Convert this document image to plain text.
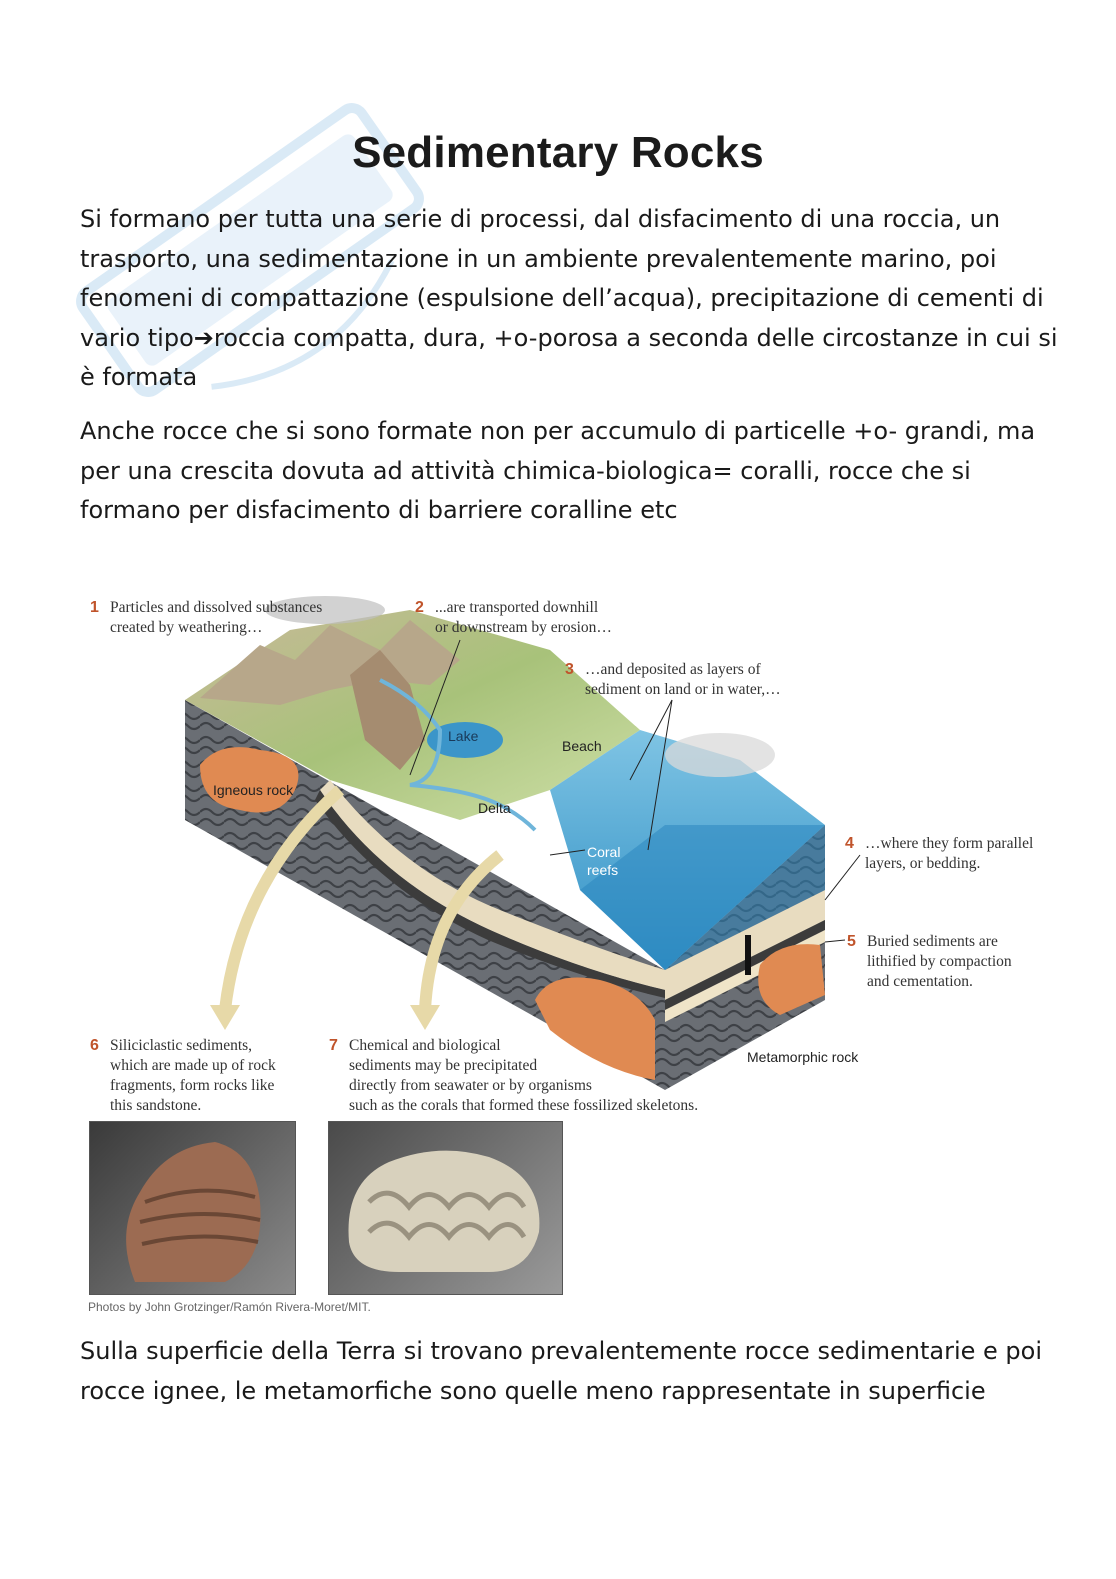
Sedimentary Rocks

Si formano per tutta una serie di processi, dal disfacimento di una roccia, un trasporto, una sedimentazione in un ambiente prevalentemente marino, poi fenomeni di compattazione (espulsione dell’acqua), precipitazione di cementi di vario tipo➔roccia compatta, dura, +o-porosa a seconda delle circostanze in cui si è formata

Anche rocce che si sono formate non per accumulo di particelle +o- grandi, ma per una crescita dovuta ad attività chimica-biologica= coralli, rocce che si formano per disfacimento di barriere coralline etc

1 Particles and dissolved substances
created by weathering…
2 ...are transported downhill
or downstream by erosion…
3 …and deposited as layers of
sediment on land or in water,…
4 …where they form parallel
layers, or bedding.
5 Buried sediments are
lithified by compaction
and cementation.
6 Siliciclastic sediments,
which are made up of rock
fragments, form rocks like
this sandstone.
7 Chemical and biological
sediments may be precipitated
directly from seawater or by organisms
such as the corals that formed these fossilized skeletons.
Lake
Beach
Igneous rock
Delta
Coral
reefs
Metamorphic rock
Photos by John Grotzinger/Ramón Rivera-Moret/MIT.

Sulla superficie della Terra si trovano prevalentemente rocce sedimentarie e poi rocce ignee, le metamorfiche sono quelle meno rappresentate in superficie
